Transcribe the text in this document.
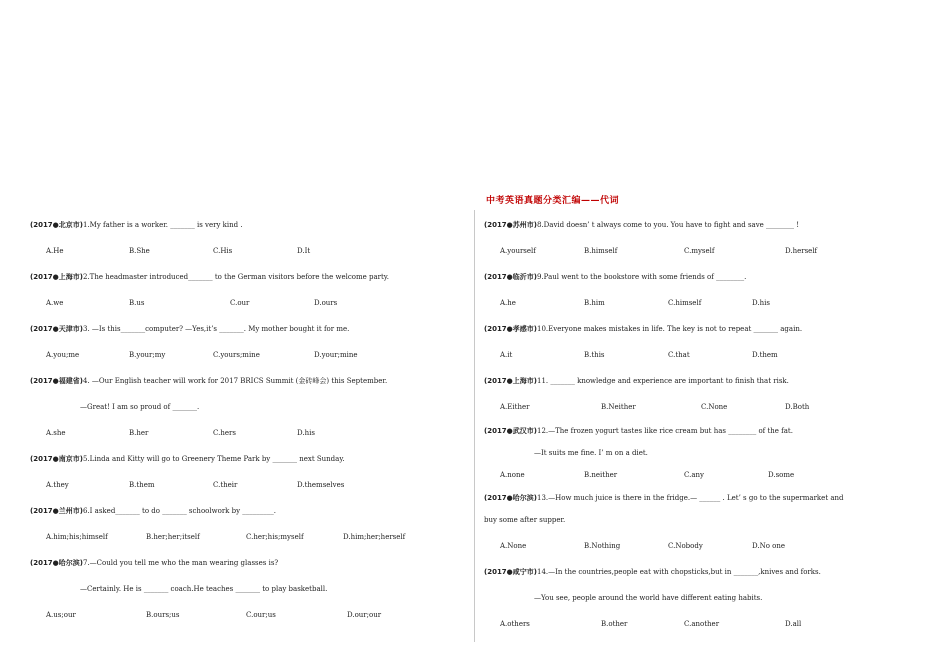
中考英语真题分类汇编——代词
(2017●北京市)1.My father is a worker. _______ is very kind .
A.He	B.She	C.His	D.It
(2017●上海市)2.The headmaster introduced_______ to the German visitors before the welcome party.
A.we	B.us	C.our	D.ours
(2017●天津市)3. —Is this_______computer? —Yes,it’s _______. My mother bought it for me.
A.you;me	B.your;my	C.yours;mine	D.your;mine
(2017●福建省)4. —Our English teacher will work for 2017 BRICS Summit (金砖峰会) this September.
—Great! I am so proud of _______.
A.she	B.her	C.hers	D.his
(2017●南京市)5.Linda and Kitty will go to Greenery Theme Park by _______ next Sunday.
A.they	B.them	C.their	D.themselves
(2017●兰州市)6.I asked_______ to do _______ schoolwork by _________.
A.him;his;himself	B.her;her;itself	C.her;his;myself	D.him;her;herself
(2017●哈尔滨)7.—Could you tell me who the man wearing glasses is?
—Certainly. He is _______ coach.He teaches _______ to play basketball.
A.us;our	B.ours;us	C.our;us	D.our;our
(2017●苏州市)8.David doesn’ t always come to you. You have to fight and save ________ !
A.yourself	B.himself	C.myself	D.herself
(2017●临沂市)9.Paul went to the bookstore with some friends of ________.
A.he	B.him	C.himself	D.his
(2017●孝感市)10.Everyone makes mistakes in life. The key is not to repeat _______ again.
A.it	B.this	C.that	D.them
(2017●上海市)11. _______ knowledge and experience are important to finish that risk.
A.Either	B.Neither	C.None	D.Both
(2017●武汉市)12.—The frozen yogurt tastes like rice cream but has ________ of the fat.
—It suits me fine. I’ m on a diet.
A.none	B.neither	C.any	D.some
(2017●哈尔滨)13.—How much juice is there in the fridge.— ______ . Let’ s go to the supermarket and
buy some after supper.
A.None	B.Nothing	C.Nobody	D.No one
(2017●咸宁市)14.—In the countries,people eat with chopsticks,but in _______,knives and forks.
—You see, people around the world have different eating habits.
A.others	B.other	C.another	D.all
